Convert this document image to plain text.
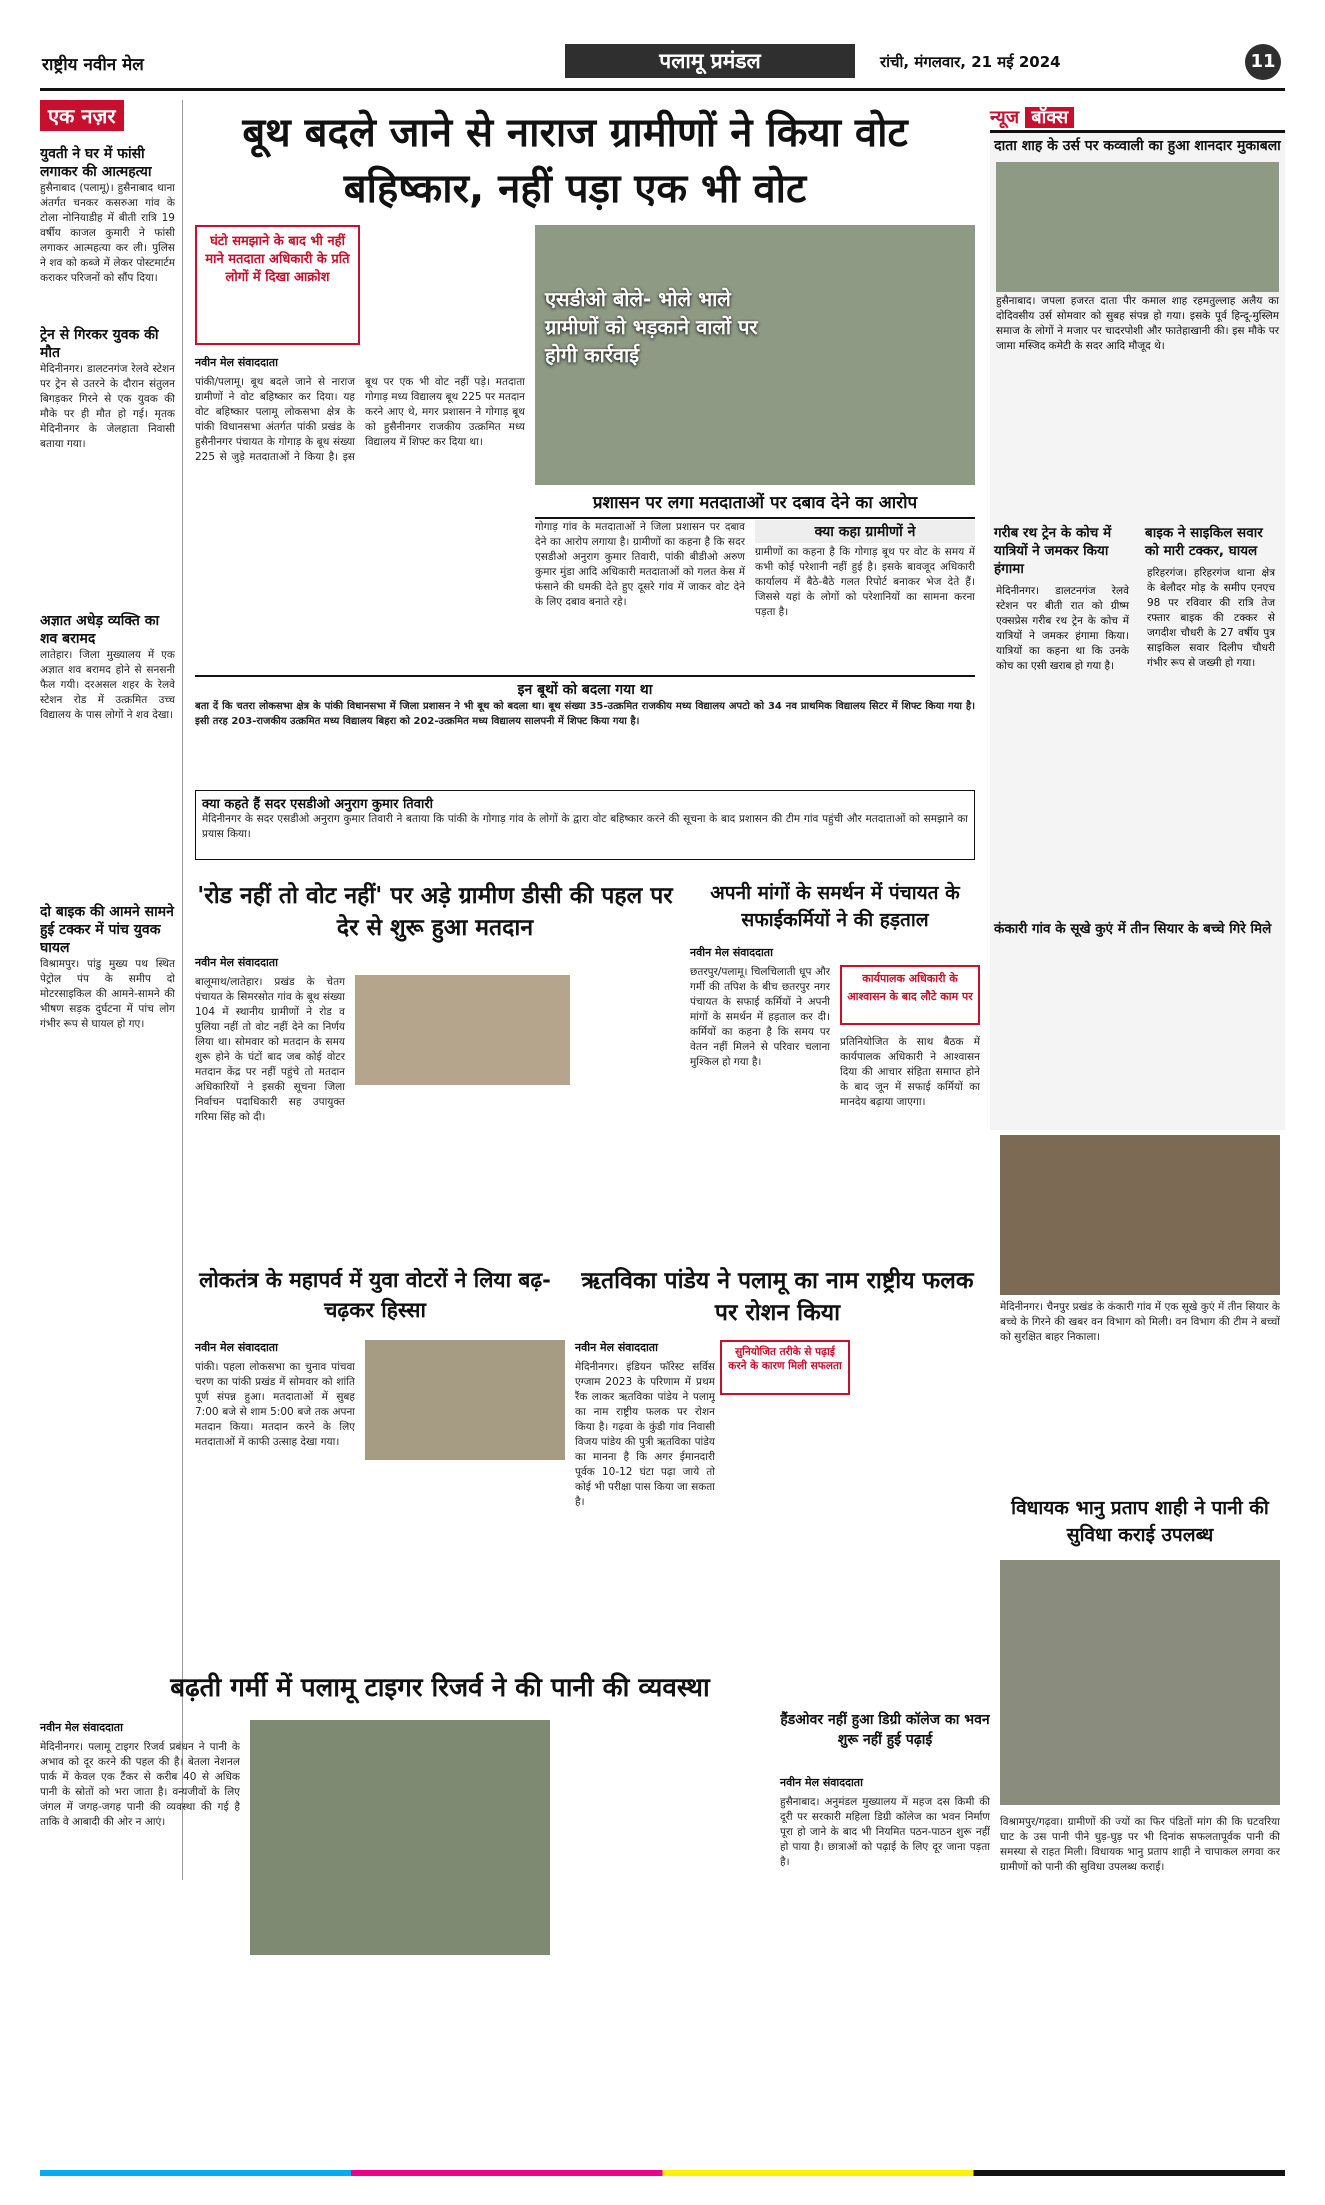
राष्ट्रीय नवीन मेल	पलामू प्रमंडल	रांची, मंगलवार, 21 मई 2024	11
एक नज़र
युवती ने घर में फांसी लगाकर की आत्महत्या
हुसैनाबाद (पलामू)। हुसैनाबाद थाना अंतर्गत चनकर कसरुआ गांव के टोला नोनियाडीह में बीती रात्रि 19 वर्षीय काजल कुमारी ने फांसी लगाकर आत्महत्या कर ली। पुलिस ने शव को कब्जे में लेकर पोस्टमार्टम कराकर परिजनों को सौंप दिया।
ट्रेन से गिरकर युवक की मौत
मेदिनीनगर। डालटनगंज रेलवे स्टेशन पर ट्रेन से उतरने के दौरान संतुलन बिगड़कर गिरने से एक युवक की मौके पर ही मौत हो गई। मृतक मेदिनीनगर के जेलहाता निवासी बताया गया।
अज्ञात अधेड़ व्यक्ति का शव बरामद
लातेहार। जिला मुख्यालय में एक अज्ञात शव बरामद होने से सनसनी फैल गयी। दरअसल शहर के रेलवे स्टेशन रोड में उत्क्रमित उच्च विद्यालय के पास लोगों ने शव देखा।
दो बाइक की आमने सामने हुई टक्कर में पांच युवक घायल
विश्रामपुर। पांडु मुख्य पथ स्थित पेट्रोल पंप के समीप दो मोटरसाइकिल की आमने-सामने की भीषण सड़क दुर्घटना में पांच लोग गंभीर रूप से घायल हो गए।
बूथ बदले जाने से नाराज ग्रामीणों ने किया वोट बहिष्कार, नहीं पड़ा एक भी वोट
घंटो समझाने के बाद भी नहीं माने मतदाता अधिकारी के प्रति लोगों में दिखा आक्रोश
नवीन मेल संवाददाता
पांकी/पलामू। बूथ बदले जाने से नाराज ग्रामीणों ने वोट बहिष्कार कर दिया। यह वोट बहिष्कार पलामू लोकसभा क्षेत्र के पांकी विधानसभा अंतर्गत पांकी प्रखंड के हुसैनीनगर पंचायत के गोगाड़ के बूथ संख्या 225 से जुड़े मतदाताओं ने किया है। इस बूथ पर एक भी वोट नहीं पड़े। मतदाता गोगाड़ मध्य विद्यालय बूथ 225 पर मतदान करने आए थे, मगर प्रशासन ने गोगाड़ बूथ को हुसैनीनगर राजकीय उत्क्रमित मध्य विद्यालय में शिफ्ट कर दिया था।
एसडीओ बोले- भोले भाले ग्रामीणों को भड़काने वालों पर होगी कार्रवाई
प्रशासन पर लगा मतदाताओं पर दबाव देने का आरोप
गोगाड़ गांव के मतदाताओं ने जिला प्रशासन पर दबाव देने का आरोप लगाया है। ग्रामीणों का कहना है कि सदर एसडीओ अनुराग कुमार तिवारी, पांकी बीडीओ अरुण कुमार मुंडा आदि अधिकारी मतदाताओं को गलत केस में फंसाने की धमकी देते हुए दूसरे गांव में जाकर वोट देने के लिए दबाव बनाते रहे।
क्या कहा ग्रामीणों ने
ग्रामीणों का कहना है कि गोगाड़ बूथ पर वोट के समय में कभी कोई परेशानी नहीं हुई है। इसके बावजूद अधिकारी कार्यालय में बैठे-बैठे गलत रिपोर्ट बनाकर भेज देते हैं। जिससे यहां के लोगों को परेशानियों का सामना करना पड़ता है।
इन बूथों को बदला गया था
बता दें कि चतरा लोकसभा क्षेत्र के पांकी विधानसभा में जिला प्रशासन ने भी बूथ को बदला था। बूथ संख्या 35-उत्क्रमित राजकीय मध्य विद्यालय अपटो को 34 नव प्राथमिक विद्यालय सिटर में शिफ्ट किया गया है। इसी तरह 203-राजकीय उत्क्रमित मध्य विद्यालय बिहरा को 202-उत्क्रमित मध्य विद्यालय सालपनी में शिफ्ट किया गया है।
क्या कहते हैं सदर एसडीओ अनुराग कुमार तिवारी
मेदिनीनगर के सदर एसडीओ अनुराग कुमार तिवारी ने बताया कि पांकी के गोगाड़ गांव के लोगों के द्वारा वोट बहिष्कार करने की सूचना के बाद प्रशासन की टीम गांव पहुंची और मतदाताओं को समझाने का प्रयास किया।
न्यूज बॉक्स
दाता शाह के उर्स पर कव्वाली का हुआ शानदार मुकाबला
हुसैनाबाद। जपला हजरत दाता पीर कमाल शाह रहमतुल्लाह अलैय का दोदिवसीय उर्स सोमवार को सुबह संपन्न हो गया। इसके पूर्व हिन्दू-मुस्लिम समाज के लोगों ने मजार पर चादरपोशी और फातेहाखानी की। इस मौके पर जामा मस्जिद कमेटी के सदर आदि मौजूद थे।
गरीब रथ ट्रेन के कोच में यात्रियों ने जमकर किया हंगामा
मेदिनीनगर। डालटनगंज रेलवे स्टेशन पर बीती रात को ग्रीष्म एक्सप्रेस गरीब रथ ट्रेन के कोच में यात्रियों ने जमकर हंगामा किया। यात्रियों का कहना था कि उनके कोच का एसी खराब हो गया है।
बाइक ने साइकिल सवार को मारी टक्कर, घायल
हरिहरगंज। हरिहरगंज थाना क्षेत्र के बेलौदर मोड़ के समीप एनएच 98 पर रविवार की रात्रि तेज रफ्तार बाइक की टक्कर से जगदीश चौधरी के 27 वर्षीय पुत्र साइकिल सवार दिलीप चौधरी गंभीर रूप से जख्मी हो गया।
कंकारी गांव के सूखे कुएं में तीन सियार के बच्चे गिरे मिले
मेदिनीनगर। चैनपुर प्रखंड के कंकारी गांव में एक सूखे कुएं में तीन सियार के बच्चे के गिरने की खबर वन विभाग को मिली। वन विभाग की टीम ने बच्चों को सुरक्षित बाहर निकाला।
'रोड नहीं तो वोट नहीं' पर अड़े ग्रामीण डीसी की पहल पर देर से शुरू हुआ मतदान
नवीन मेल संवाददाता
बालूमाथ/लातेहार। प्रखंड के चेतग पंचायत के सिमरसोत गांव के बूथ संख्या 104 में स्थानीय ग्रामीणों ने रोड व पुलिया नहीं तो वोट नहीं देने का निर्णय लिया था। सोमवार को मतदान के समय शुरू होने के घंटों बाद जब कोई वोटर मतदान केंद्र पर नहीं पहुंचे तो मतदान अधिकारियों ने इसकी सूचना जिला निर्वाचन पदाधिकारी सह उपायुक्त गरिमा सिंह को दी।
अपनी मांगों के समर्थन में पंचायत के सफाईकर्मियों ने की हड़ताल
नवीन मेल संवाददाता
छतरपुर/पलामू। चिलचिलाती धूप और गर्मी की तपिश के बीच छतरपुर नगर पंचायत के सफाई कर्मियों ने अपनी मांगों के समर्थन में हड़ताल कर दी। कर्मियों का कहना है कि समय पर वेतन नहीं मिलने से परिवार चलाना मुश्किल हो गया है।
कार्यपालक अधिकारी के आश्वासन के बाद लौटे काम पर
प्रतिनियोजित के साथ बैठक में कार्यपालक अधिकारी ने आश्वासन दिया की आचार संहिता समाप्त होने के बाद जून में सफाई कर्मियों का मानदेय बढ़ाया जाएगा।
लोकतंत्र के महापर्व में युवा वोटरों ने लिया बढ़-चढ़कर हिस्सा
नवीन मेल संवाददाता
पांकी। पहला लोकसभा का चुनाव पांचवा चरण का पांकी प्रखंड में सोमवार को शांति पूर्ण संपन्न हुआ। मतदाताओं में सुबह 7:00 बजे से शाम 5:00 बजे तक अपना मतदान किया। मतदान करने के लिए मतदाताओं में काफी उत्साह देखा गया।
ऋतविका पांडेय ने पलामू का नाम राष्ट्रीय फलक पर रोशन किया
नवीन मेल संवाददाता	सुनियोजित तरीके से पढ़ाई करने के कारण मिली सफलता
मेदिनीनगर। इंडियन फॉरेस्ट सर्विस एग्जाम 2023 के परिणाम में प्रथम रैंक लाकर ऋतविका पांडेय ने पलामू का नाम राष्ट्रीय फलक पर रोशन किया है। गढ़वा के कुंडी गांव निवासी विजय पांडेय की पुत्री ऋतविका पांडेय का मानना है कि अगर ईमानदारी पूर्वक 10-12 घंटा पढ़ा जाये तो कोई भी परीक्षा पास किया जा सकता है।	विधायक भानु प्रताप शाही ने पानी की सुविधा कराई उपलब्ध
विश्रामपुर/गढ़वा। ग्रामीणों की ज्यों का फिर पंडितों मांग की कि घटवरिया घाट के उस पानी पीने घुड़-घुड़ पर भी दिनांक सफलतापूर्वक पानी की समस्या से राहत मिली। विधायक भानु प्रताप शाही ने चापाकल लगवा कर ग्रामीणों को पानी की सुविधा उपलब्ध कराई।
बढ़ती गर्मी में पलामू टाइगर रिजर्व ने की पानी की व्यवस्था
नवीन मेल संवाददाता
मेदिनीनगर। पलामू टाइगर रिजर्व प्रबंधन ने पानी के अभाव को दूर करने की पहल की है। बेतला नेशनल पार्क में केवल एक टैंकर से करीब 40 से अधिक पानी के स्रोतों को भरा जाता है। वन्यजीवों के लिए जंगल में जगह-जगह पानी की व्यवस्था की गई है ताकि वे आबादी की ओर न आएं।
हैंडओवर नहीं हुआ डिग्री कॉलेज का भवन शुरू नहीं हुई पढ़ाई
नवीन मेल संवाददाता
हुसैनाबाद। अनुमंडल मुख्यालय में महज दस किमी की दूरी पर सरकारी महिला डिग्री कॉलेज का भवन निर्माण पूरा हो जाने के बाद भी नियमित पठन-पाठन शुरू नहीं हो पाया है। छात्राओं को पढ़ाई के लिए दूर जाना पड़ता है।
